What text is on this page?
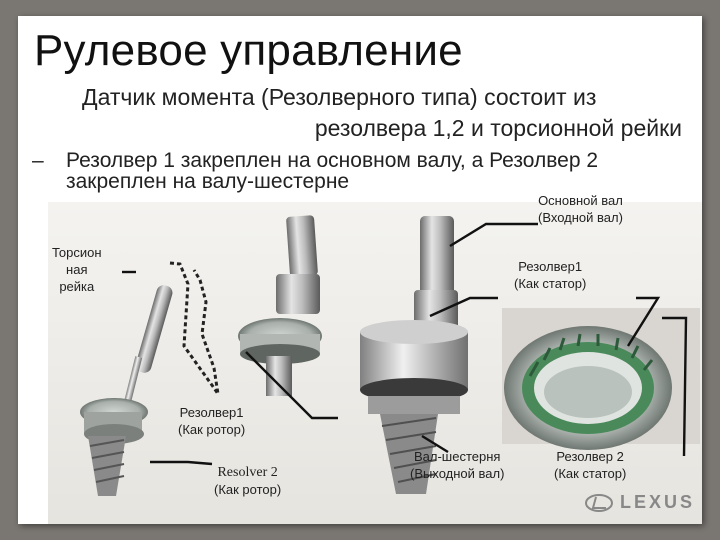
Рулевое управление
Датчик момента (Резолверного типа) состоит из
резолвера 1,2 и торсионной рейки
– Резолвер 1 закреплен на основном валу, а Резолвер 2
закреплен на валу-шестерне
Основной вал
(Входной вал)
Торсион
ная
рейка
Резолвер1
(Как статор)
Резолвер1
(Как ротор)
Resolver 2
(Как ротор)
Вал-шестерня
(Выходной вал)
Резолвер 2
(Как статор)
LEXUS
